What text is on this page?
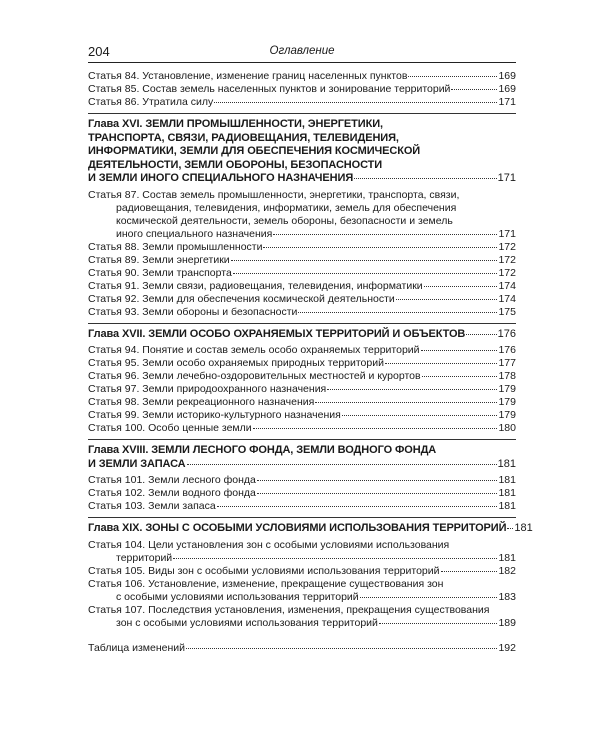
204	Оглавление
Статья 84. Установление, изменение границ населенных пунктов	169
Статья 85. Состав земель населенных пунктов и зонирование территорий	169
Статья 86. Утратила силу	171
Глава XVI. ЗЕМЛИ ПРОМЫШЛЕННОСТИ, ЭНЕРГЕТИКИ,
ТРАНСПОРТА, СВЯЗИ, РАДИОВЕЩАНИЯ, ТЕЛЕВИДЕНИЯ,
ИНФОРМАТИКИ, ЗЕМЛИ ДЛЯ ОБЕСПЕЧЕНИЯ КОСМИЧЕСКОЙ
ДЕЯТЕЛЬНОСТИ, ЗЕМЛИ ОБОРОНЫ, БЕЗОПАСНОСТИ
И ЗЕМЛИ ИНОГО СПЕЦИАЛЬНОГО НАЗНАЧЕНИЯ	171
Статья 87. Состав земель промышленности, энергетики, транспорта, связи,
радиовещания, телевидения, информатики, земель для обеспечения
космической деятельности, земель обороны, безопасности и земель
иного специального назначения	171
Статья 88. Земли промышленности	172
Статья 89. Земли энергетики	172
Статья 90. Земли транспорта	172
Статья 91. Земли связи, радиовещания, телевидения, информатики	174
Статья 92. Земли для обеспечения космической деятельности	174
Статья 93. Земли обороны и безопасности	175
Глава XVII. ЗЕМЛИ ОСОБО ОХРАНЯЕМЫХ ТЕРРИТОРИЙ И ОБЪЕКТОВ	176
Статья 94. Понятие и состав земель особо охраняемых территорий	176
Статья 95. Земли особо охраняемых природных территорий	177
Статья 96. Земли лечебно-оздоровительных местностей и курортов	178
Статья 97. Земли природоохранного назначения	179
Статья 98. Земли рекреационного назначения	179
Статья 99. Земли историко-культурного назначения	179
Статья 100. Особо ценные земли	180
Глава XVIII. ЗЕМЛИ ЛЕСНОГО ФОНДА, ЗЕМЛИ ВОДНОГО ФОНДА
И ЗЕМЛИ ЗАПАСА	181
Статья 101. Земли лесного фонда	181
Статья 102. Земли водного фонда	181
Статья 103. Земли запаса	181
Глава XIX. ЗОНЫ С ОСОБЫМИ УСЛОВИЯМИ ИСПОЛЬЗОВАНИЯ ТЕРРИТОРИЙ 181
Статья 104. Цели установления зон с особыми условиями использования
территорий	181
Статья 105. Виды зон с особыми условиями использования территорий	182
Статья 106. Установление, изменение, прекращение существования зон
с особыми условиями использования территорий	183
Статья 107. Последствия установления, изменения, прекращения существования
зон с особыми условиями использования территорий	189
Таблица изменений	192
